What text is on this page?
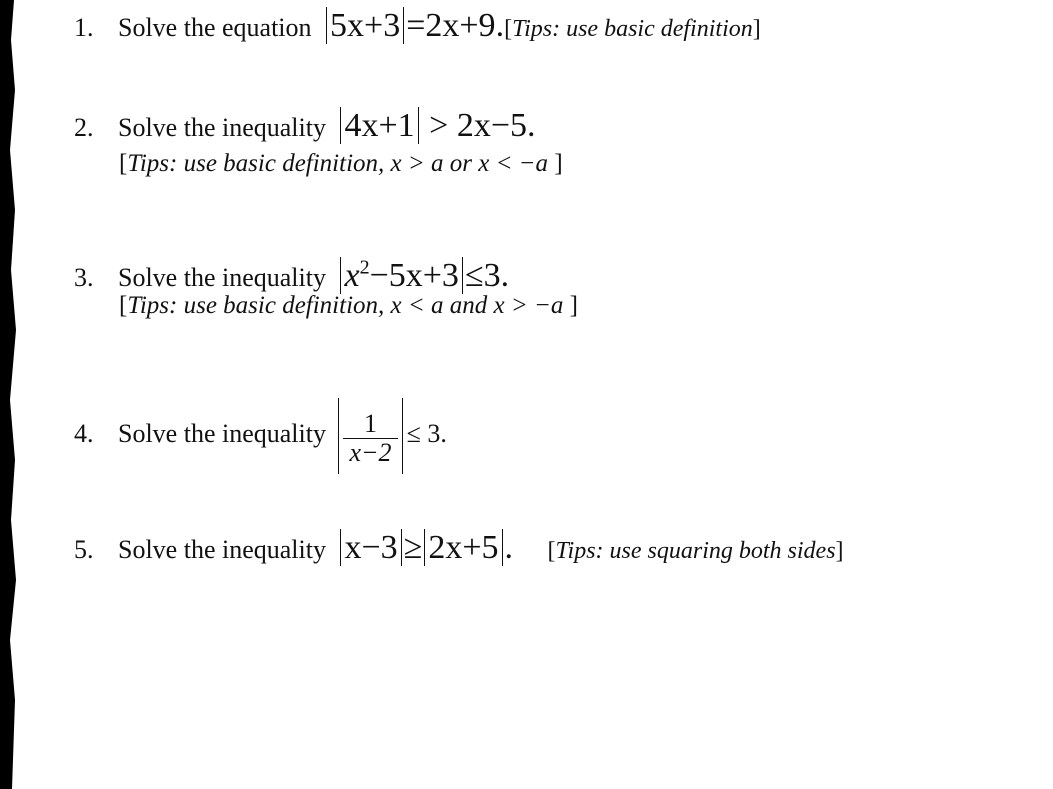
1. Solve the equation 5x+3 =2x+9.[Tips: use basic definition]
2. Solve the inequality 4x+1 > 2x−5.
[Tips: use basic definition, x > a or x < −a ]
3. Solve the inequality $x^2-5x+3 \le 3$.
[Tips: use basic definition, x < a and x > −a ]
4. Solve the inequality $\frac{1}{x-2} \le 3$.
5. Solve the inequality x−3 ≥ 2x+5 . [Tips: use squaring both sides]
